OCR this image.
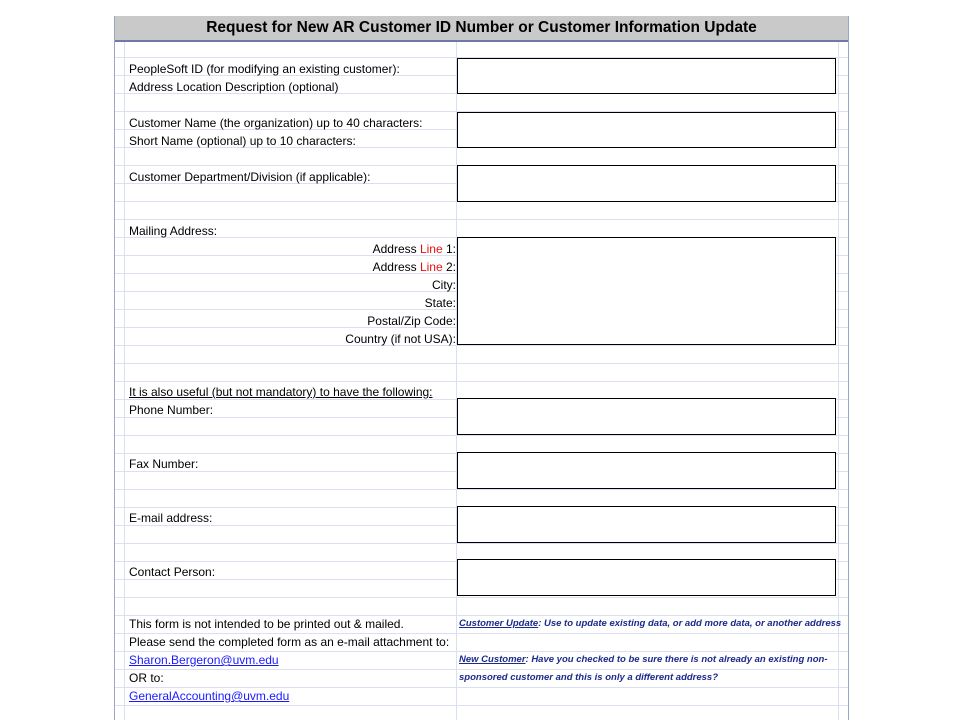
Request for New AR Customer ID Number or Customer Information Update
PeopleSoft ID (for modifying an existing customer):
Address Location Description (optional)
Customer Name (the organization) up to 40 characters:
Short Name (optional) up to 10 characters:
Customer Department/Division (if applicable):
Mailing Address:
Address Line 1:
Address Line 2:
City:
State:
Postal/Zip Code:
Country (if not USA):
It is also useful (but not mandatory) to have the following:
Phone Number:
Fax Number:
E-mail address:
Contact Person:
This form is not intended to be printed out & mailed.
Please send the completed form as an e-mail attachment to:
Sharon.Bergeron@uvm.edu
OR to:
GeneralAccounting@uvm.edu
Customer Update: Use to update existing data, or add more data, or another address
New Customer: Have you checked to be sure there is not already an existing non-
sponsored customer and this is only a different address?
